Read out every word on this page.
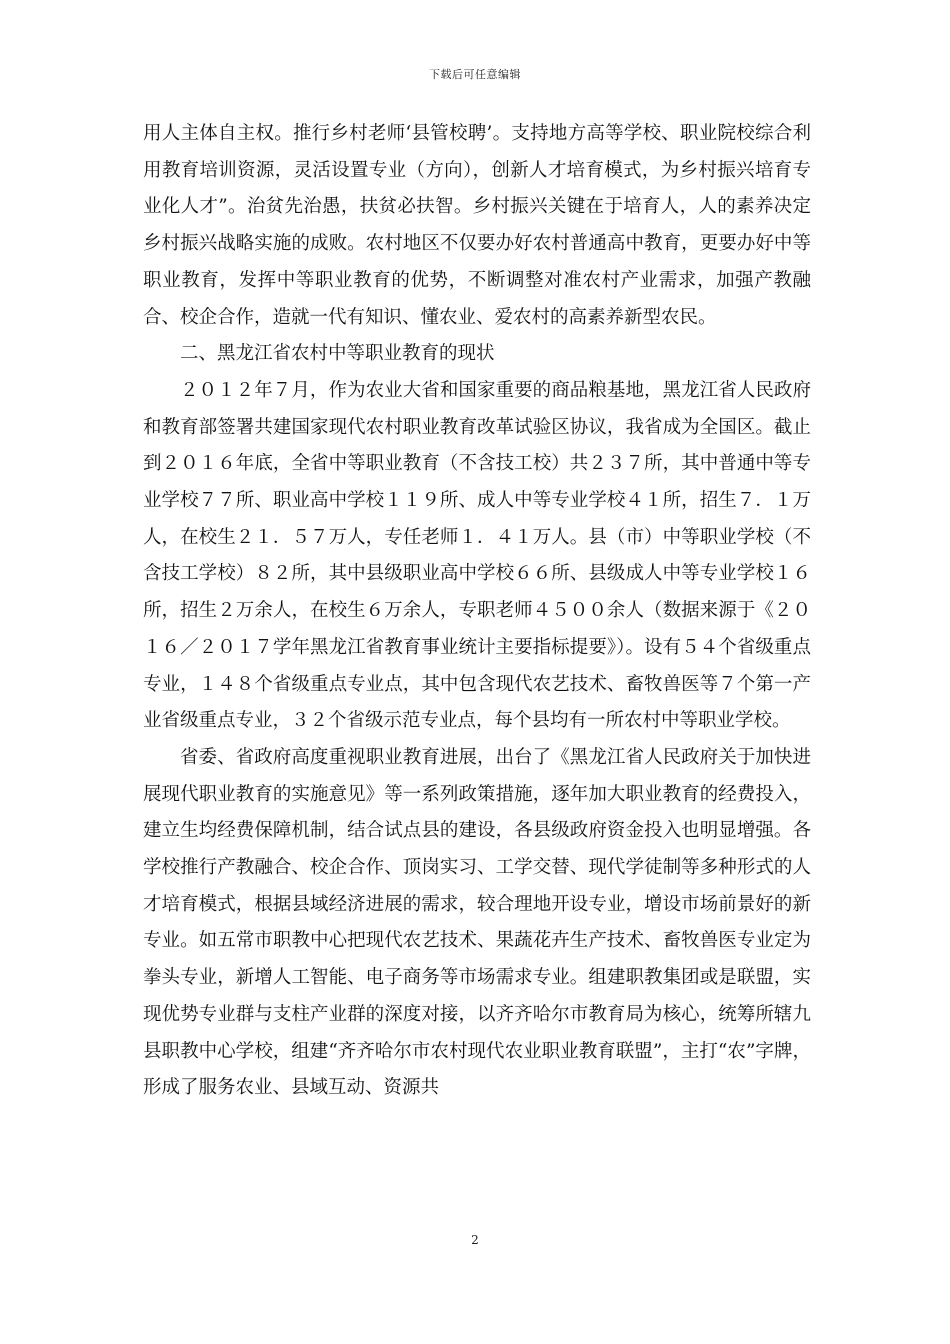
下载后可任意编辑

用人主体自主权。推行乡村老师‘县管校聘’。支持地方高等学校、职业院校综合利用教育培训资源，灵活设置专业（方向），创新人才培育模式，为乡村振兴培育专业化人才”。治贫先治愚，扶贫必扶智。乡村振兴关键在于培育人，人的素养决定乡村振兴战略实施的成败。农村地区不仅要办好农村普通高中教育，更要办好中等职业教育，发挥中等职业教育的优势，不断调整对准农村产业需求，加强产教融合、校企合作，造就一代有知识、懂农业、爱农村的高素养新型农民。

二、黑龙江省农村中等职业教育的现状

２０１２年７月，作为农业大省和国家重要的商品粮基地，黑龙江省人民政府和教育部签署共建国家现代农村职业教育改革试验区协议，我省成为全国区。截止到２０１６年底，全省中等职业教育（不含技工校）共２３７所，其中普通中等专业学校７７所、职业高中学校１１９所、成人中等专业学校４１所，招生７．１万人，在校生２１．５７万人，专任老师１．４１万人。县（市）中等职业学校（不含技工学校）８２所，其中县级职业高中学校６６所、县级成人中等专业学校１６所，招生２万余人，在校生６万余人，专职老师４５００余人（数据来源于《２０１６／２０１７学年黑龙江省教育事业统计主要指标提要》）。设有５４个省级重点专业，１４８个省级重点专业点，其中包含现代农艺技术、畜牧兽医等７个第一产业省级重点专业，３２个省级示范专业点，每个县均有一所农村中等职业学校。

省委、省政府高度重视职业教育进展，出台了《黑龙江省人民政府关于加快进展现代职业教育的实施意见》等一系列政策措施，逐年加大职业教育的经费投入，建立生均经费保障机制，结合试点县的建设，各县级政府资金投入也明显增强。各学校推行产教融合、校企合作、顶岗实习、工学交替、现代学徒制等多种形式的人才培育模式，根据县域经济进展的需求，较合理地开设专业，增设市场前景好的新专业。如五常市职教中心把现代农艺技术、果蔬花卉生产技术、畜牧兽医专业定为拳头专业，新增人工智能、电子商务等市场需求专业。组建职教集团或是联盟，实现优势专业群与支柱产业群的深度对接，以齐齐哈尔市教育局为核心，统筹所辖九县职教中心学校，组建“齐齐哈尔市农村现代农业职业教育联盟”，主打“农”字牌，形成了服务农业、县域互动、资源共

2
